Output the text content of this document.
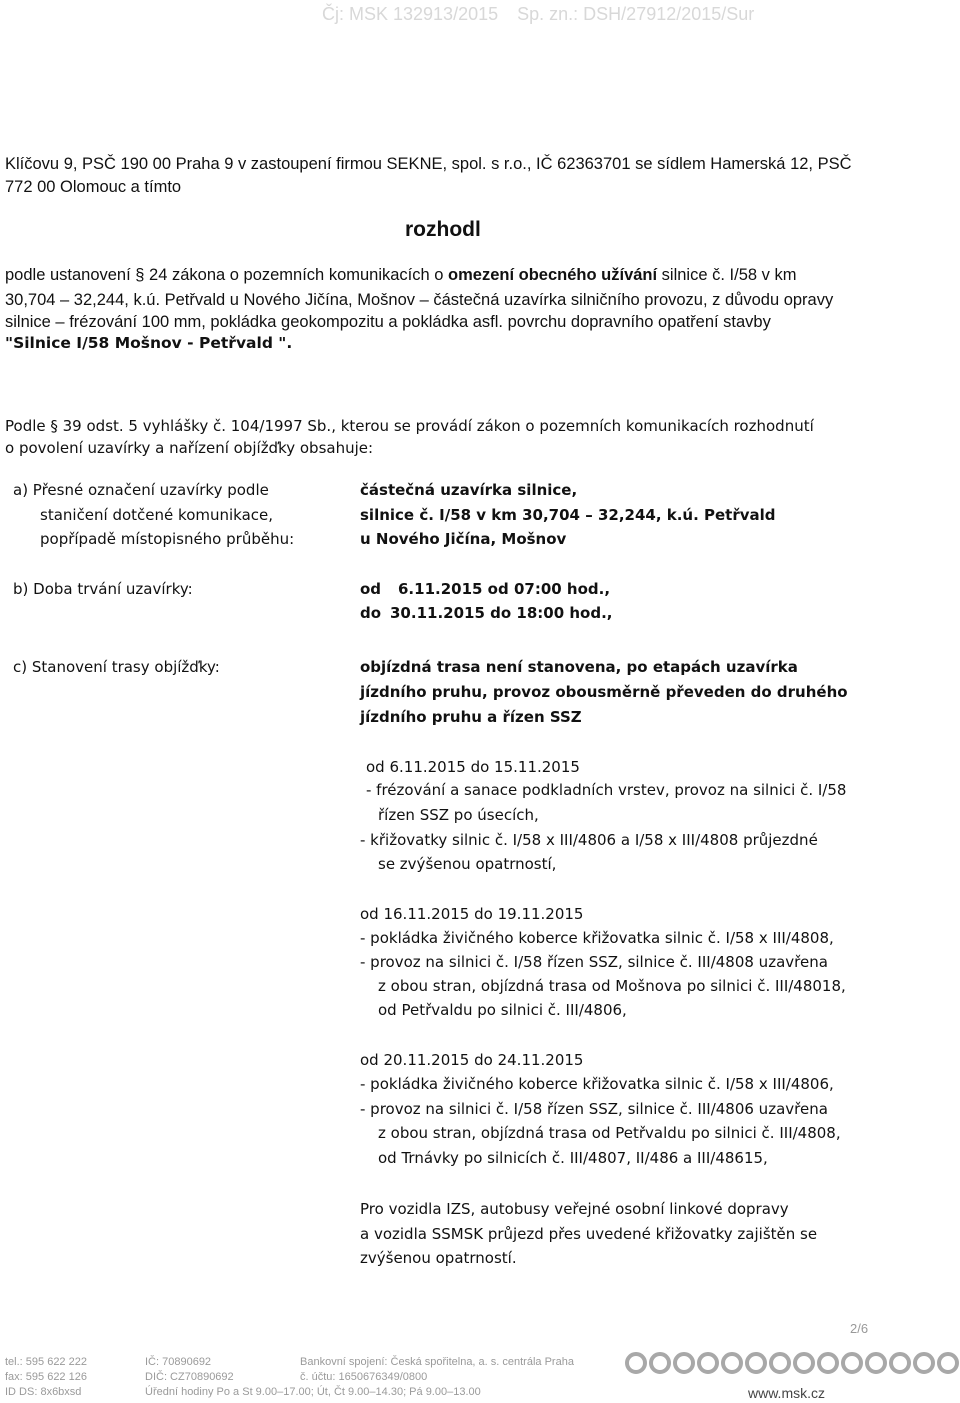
Čj: MSK 132913/2015 Sp. zn.: DSH/27912/2015/Sur
Klíčovu 9, PSČ 190 00 Praha 9 v zastoupení firmou SEKNE, spol. s r.o., IČ 62363701 se sídlem Hamerská 12, PSČ
772 00 Olomouc a tímto
rozhodl
podle ustanovení § 24 zákona o pozemních komunikacích o omezení obecného užívání silnice č. I/58 v km
30,704 – 32,244, k.ú. Petřvald u Nového Jičína, Mošnov – částečná uzavírka silničního provozu, z důvodu opravy
silnice – frézování 100 mm, pokládka geokompozitu a pokládka asfl. povrchu dopravního opatření stavby
"Silnice I/58 Mošnov - Petřvald ".
Podle § 39 odst. 5 vyhlášky č. 104/1997 Sb., kterou se provádí zákon o pozemních komunikacích rozhodnutí
o povolení uzavírky a nařízení objížďky obsahuje:
a) Přesné označení uzavírky podle
staničení dotčené komunikace,
popřípadě místopisného průběhu:
částečná uzavírka silnice,
silnice č. I/58 v km 30,704 – 32,244, k.ú. Petřvald
u Nového Jičína, Mošnov
b) Doba trvání uzavírky:	od 6.11.2015 od 07:00 hod.,
do 30.11.2015 do 18:00 hod.,
c) Stanovení trasy objížďky:	objízdná trasa není stanovena, po etapách uzavírka
jízdního pruhu, provoz obousměrně převeden do druhého
jízdního pruhu a řízen SSZ
od 6.11.2015 do 15.11.2015
- frézování a sanace podkladních vrstev, provoz na silnici č. I/58
řízen SSZ po úsecích,
- křižovatky silnic č. I/58 x III/4806 a I/58 x III/4808 průjezdné
se zvýšenou opatrností,
od 16.11.2015 do 19.11.2015
- pokládka živičného koberce křižovatka silnic č. I/58 x III/4808,
- provoz na silnici č. I/58 řízen SSZ, silnice č. III/4808 uzavřena
z obou stran, objízdná trasa od Mošnova po silnici č. III/48018,
od Petřvaldu po silnici č. III/4806,
od 20.11.2015 do 24.11.2015
- pokládka živičného koberce křižovatka silnic č. I/58 x III/4806,
- provoz na silnici č. I/58 řízen SSZ, silnice č. III/4806 uzavřena
z obou stran, objízdná trasa od Petřvaldu po silnici č. III/4808,
od Trnávky po silnicích č. III/4807, II/486 a III/48615,
Pro vozidla IZS, autobusy veřejné osobní linkové dopravy
a vozidla SSMSK průjezd přes uvedené křižovatky zajištěn se
zvýšenou opatrností.
2/6
tel.: 595 622 222
fax: 595 622 126
ID DS: 8x6bxsd
IČ: 70890692
DIČ: CZ70890692
Úřední hodiny Po a St 9.00–17.00; Út, Čt 9.00–14.30; Pá 9.00–13.00
Bankovní spojení: Česká spořitelna, a. s. centrála Praha
č. účtu: 1650676349/0800
www.msk.cz
